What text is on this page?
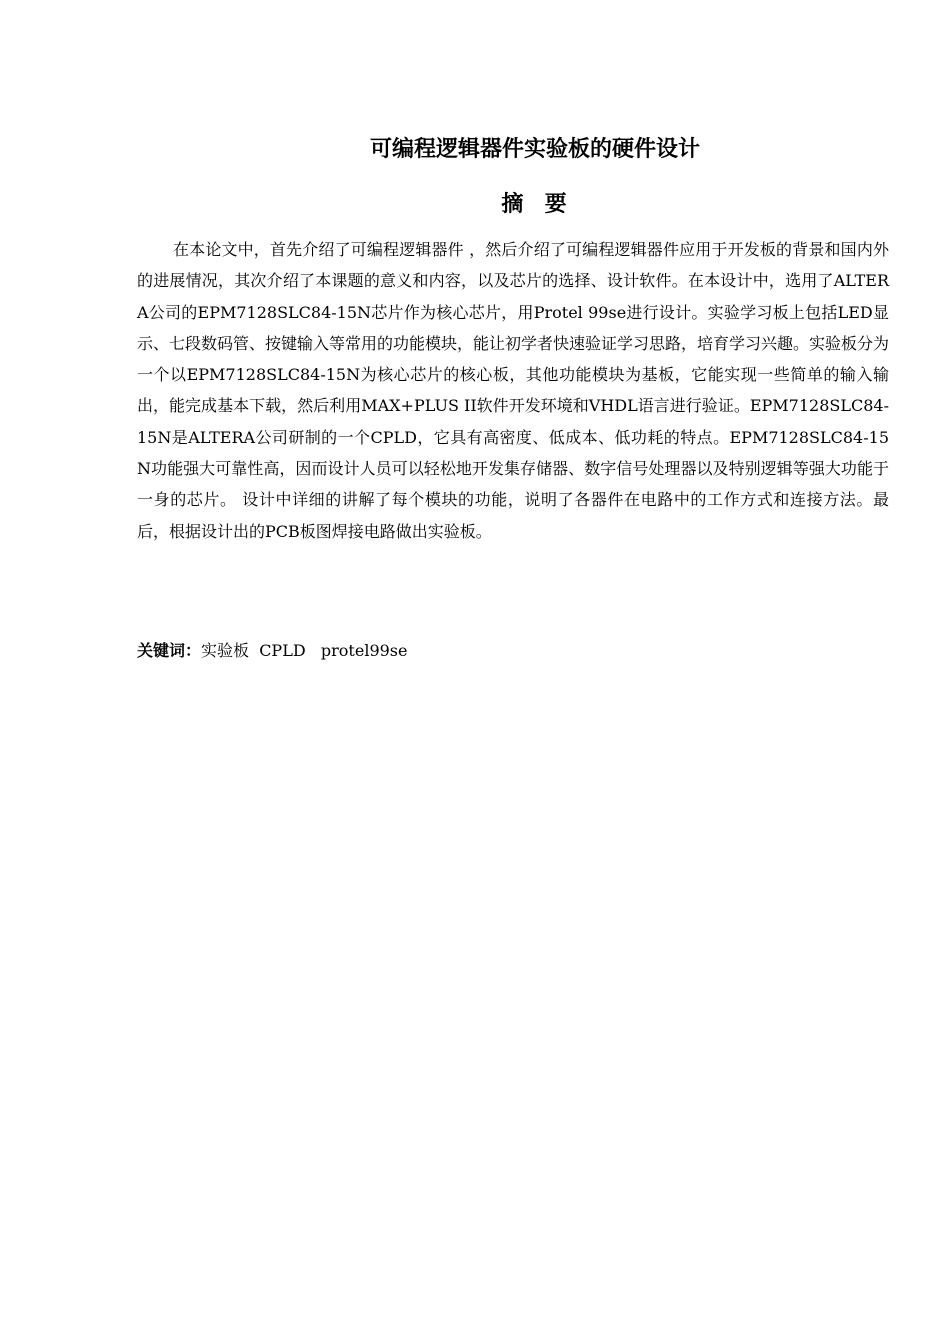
可编程逻辑器件实验板的硬件设计
摘  要

在本论文中，首先介绍了可编程逻辑器件 ，然后介绍了可编程逻辑器件应用于开发板的背景和国内外的进展情况，其次介绍了本课题的意义和内容，以及芯片的选择、设计软件。在本设计中，选用了ALTERA公司的EPM7128SLC84-15N芯片作为核心芯片，用Protel 99se进行设计。实验学习板上包括LED显示、七段数码管、按键输入等常用的功能模块，能让初学者快速验证学习思路，培育学习兴趣。实验板分为一个以EPM7128SLC84-15N为核心芯片的核心板，其他功能模块为基板，它能实现一些简单的输入输出，能完成基本下载，然后利用MAX+PLUS II软件开发环境和VHDL语言进行验证。EPM7128SLC84-15N是ALTERA公司研制的一个CPLD，它具有高密度、低成本、低功耗的特点。EPM7128SLC84-15N功能强大可靠性高，因而设计人员可以轻松地开发集存储器、数字信号处理器以及特别逻辑等强大功能于一身的芯片。 设计中详细的讲解了每个模块的功能，说明了各器件在电路中的工作方式和连接方法。最后，根据设计出的PCB板图焊接电路做出实验板。

关键词：实验板  CPLD   protel99se
